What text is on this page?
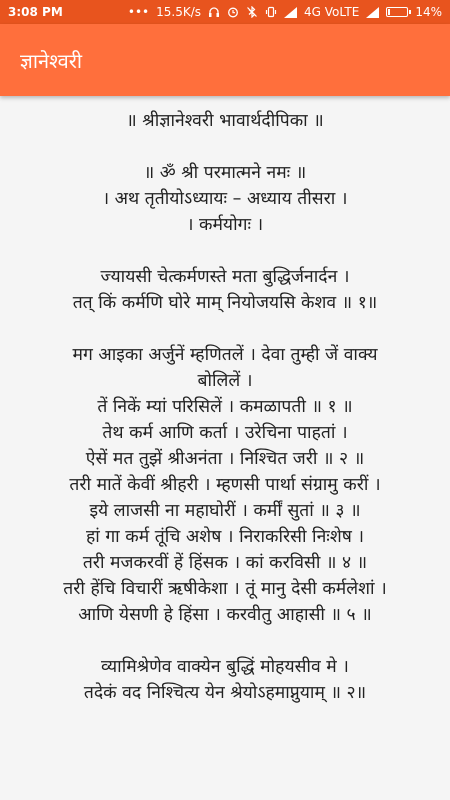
3:08 PM	••• 15.5K/s	4G VoLTE	14%
ज्ञानेश्वरी
॥ श्रीज्ञानेश्वरी भावार्थदीपिका ॥
॥ ॐ श्री परमात्मने नमः ॥
। अथ तृतीयोऽध्यायः – अध्याय तीसरा ।
। कर्मयोगः ।
ज्यायसी चेत्कर्मणस्ते मता बुद्धिर्जनार्दन ।
तत् किं कर्मणि घोरे माम् नियोजयसि केशव ॥ १॥
मग आइका अर्जुनें म्हणितलें । देवा तुम्ही जें वाक्य
बोलिलें ।
तें निकें म्यां परिसिलें । कमळापती ॥ १ ॥
तेथ कर्म आणि कर्ता । उरेचिना पाहतां ।
ऐसें मत तुझें श्रीअनंता । निश्चित जरी ॥ २ ॥
तरी मातें केवीं श्रीहरी । म्हणसी पार्था संग्रामु करीं ।
इये लाजसी ना महाघोरीं । कर्मीं सुतां ॥ ३ ॥
हां गा कर्म तूंचि अशेष । निराकरिसी निःशेष ।
तरी मजकरवीं हें हिंसक । कां करविसी ॥ ४ ॥
तरी हेंचि विचारीं ऋषीकेशा । तूं मानु देसी कर्मलेशां ।
आणि येसणी हे हिंसा । करवीतु आहासी ॥ ५ ॥
व्यामिश्रेणेव वाक्येन बुद्धिं मोहयसीव मे ।
तदेकं वद निश्चित्य येन श्रेयोऽहमाप्नुयाम् ॥ २॥
